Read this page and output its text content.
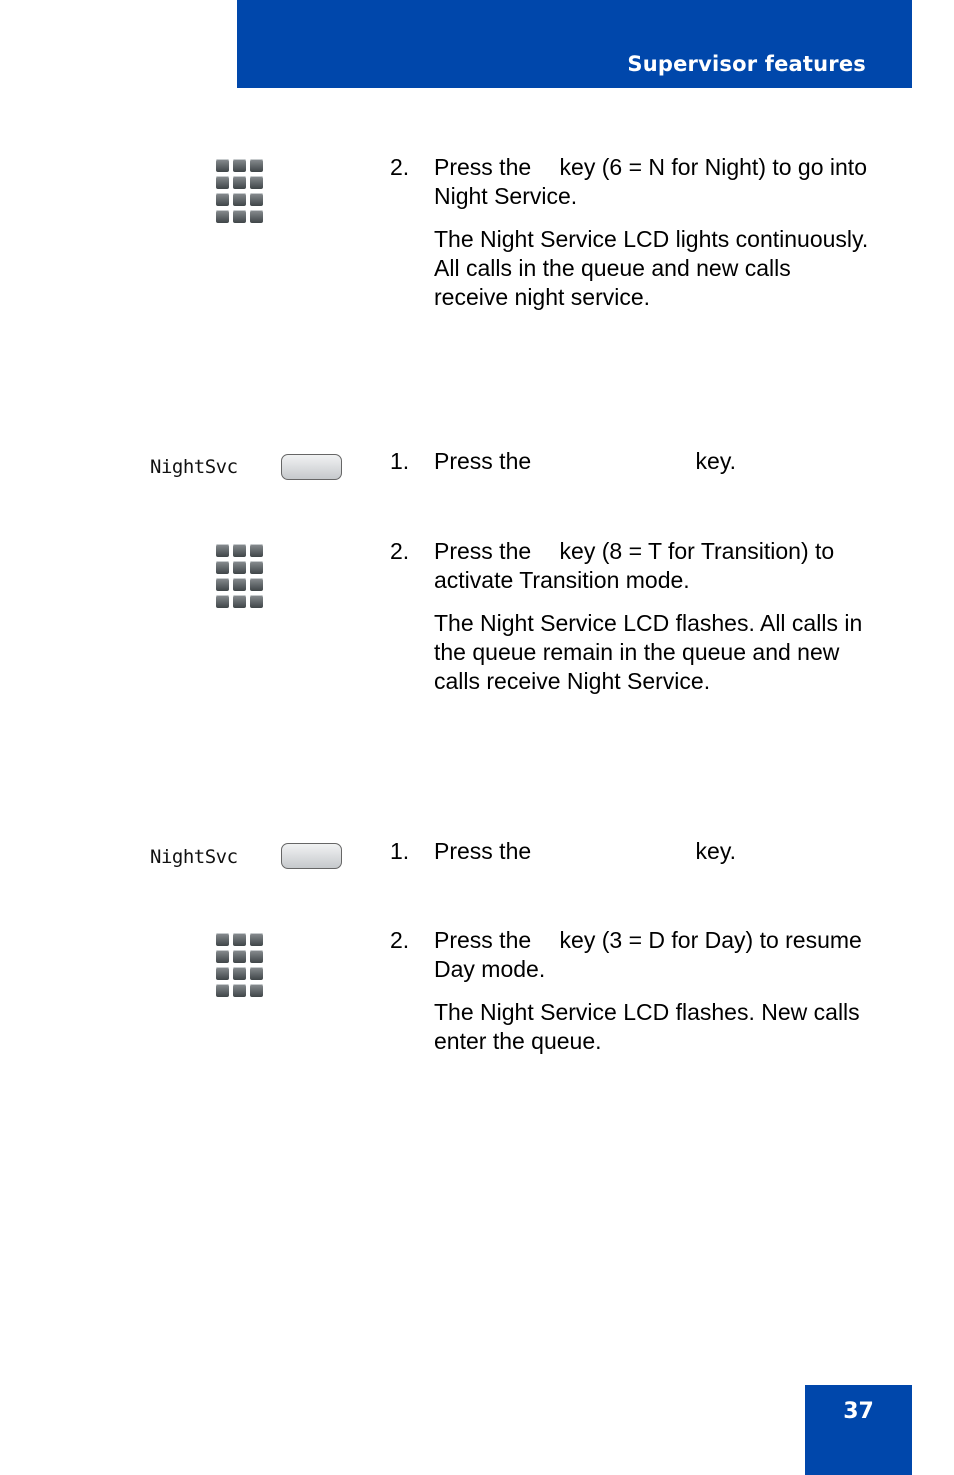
Supervisor features
2. Press the key (6 = N for Night) to go into Night Service.
The Night Service LCD lights continuously. All calls in the queue and new calls receive night service.
NightSvc	1. Press the	key.
2. Press the key (8 = T for Transition) to activate Transition mode.
The Night Service LCD flashes. All calls in the queue remain in the queue and new calls receive Night Service.
NightSvc	1. Press the	key.
2. Press the key (3 = D for Day) to resume Day mode.
The Night Service LCD flashes. New calls enter the queue.
37
